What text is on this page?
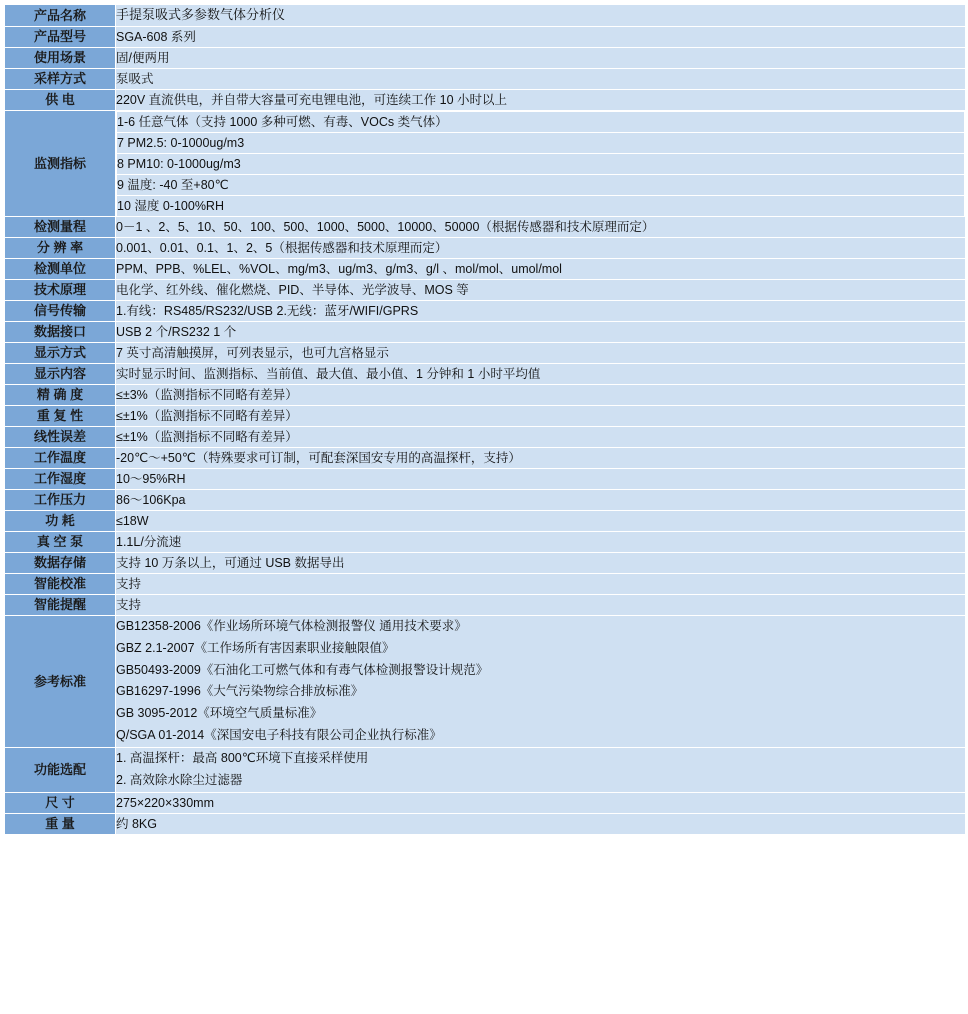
产品名称	手提泵吸式多参数气体分析仪
产品型号	SGA-608 系列
使用场景	固/便两用
采样方式	泵吸式
供 电	220V 直流供电，并自带大容量可充电锂电池，可连续工作 10 小时以上
监测指标	
1-6 任意气体（支持 1000 多种可燃、有毒、VOCs 类气体）
7 PM2.5: 0-1000ug/m3
8 PM10: 0-1000ug/m3
9 温度: -40 至+80℃
10 湿度 0-100%RH

检测量程	0－1 、2、5、10、50、100、500、1000、5000、10000、50000（根据传感器和技术原理而定）
分 辨 率	0.001、0.01、0.1、1、2、5（根据传感器和技术原理而定）
检测单位	PPM、PPB、%LEL、%VOL、mg/m3、ug/m3、g/m3、g/l 、mol/mol、umol/mol
技术原理	电化学、红外线、催化燃烧、PID、半导体、光学波导、MOS 等
信号传输	1.有线：RS485/RS232/USB 2.无线：蓝牙/WIFI/GPRS
数据接口	USB 2 个/RS232 1 个
显示方式	7 英寸高清触摸屏，可列表显示，也可九宫格显示
显示内容	实时显示时间、监测指标、当前值、最大值、最小值、1 分钟和 1 小时平均值
精 确 度	≤±3%（监测指标不同略有差异）
重 复 性	≤±1%（监测指标不同略有差异）
线性误差	≤±1%（监测指标不同略有差异）
工作温度	-20℃～+50℃（特殊要求可订制，可配套深国安专用的高温探杆，支持）
工作湿度	10～95%RH
工作压力	86～106Kpa
功 耗	≤18W
真 空 泵	1.1L/分流速
数据存储	支持 10 万条以上，可通过 USB 数据导出
智能校准	支持
智能提醒	支持
参考标准	
GB12358-2006《作业场所环境气体检测报警仪 通用技术要求》
GBZ 2.1-2007《工作场所有害因素职业接触限值》
GB50493-2009《石油化工可燃气体和有毒气体检测报警设计规范》
GB16297-1996《大气污染物综合排放标准》
GB 3095-2012《环境空气质量标准》
Q/SGA 01-2014《深国安电子科技有限公司企业执行标准》

功能选配	
1. 高温探杆：最高 800℃环境下直接采样使用
2. 高效除水除尘过滤器

尺 寸	275×220×330mm
重 量	约 8KG
